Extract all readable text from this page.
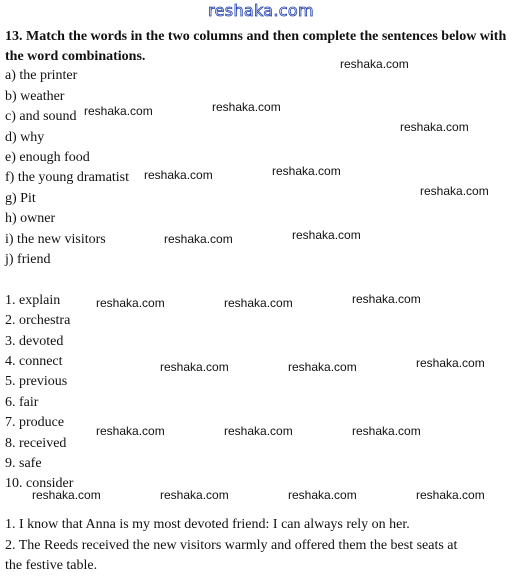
reshaka.com
13. Match the words in the two columns and then complete the sentences below with the word combinations.
a) the printer
b) weather
c) and sound
d) why
e) enough food
f) the young dramatist
g) Pit
h) owner
i) the new visitors
j) friend
1. explain
2. orchestra
3. devoted
4. connect
5. previous
6. fair
7. produce
8. received
9. safe
10. consider
1. I know that Anna is my most devoted friend: I can always rely on her.
2. The Reeds received the new visitors warmly and offered them the best seats at
the festive table.
reshaka.com
reshaka.com	reshaka.com
reshaka.com
reshaka.com	reshaka.com
reshaka.com
reshaka.com	reshaka.com
reshaka.com	reshaka.com	reshaka.com
reshaka.com	reshaka.com	reshaka.com
reshaka.com	reshaka.com	reshaka.com
reshaka.com	reshaka.com	reshaka.com	reshaka.com
